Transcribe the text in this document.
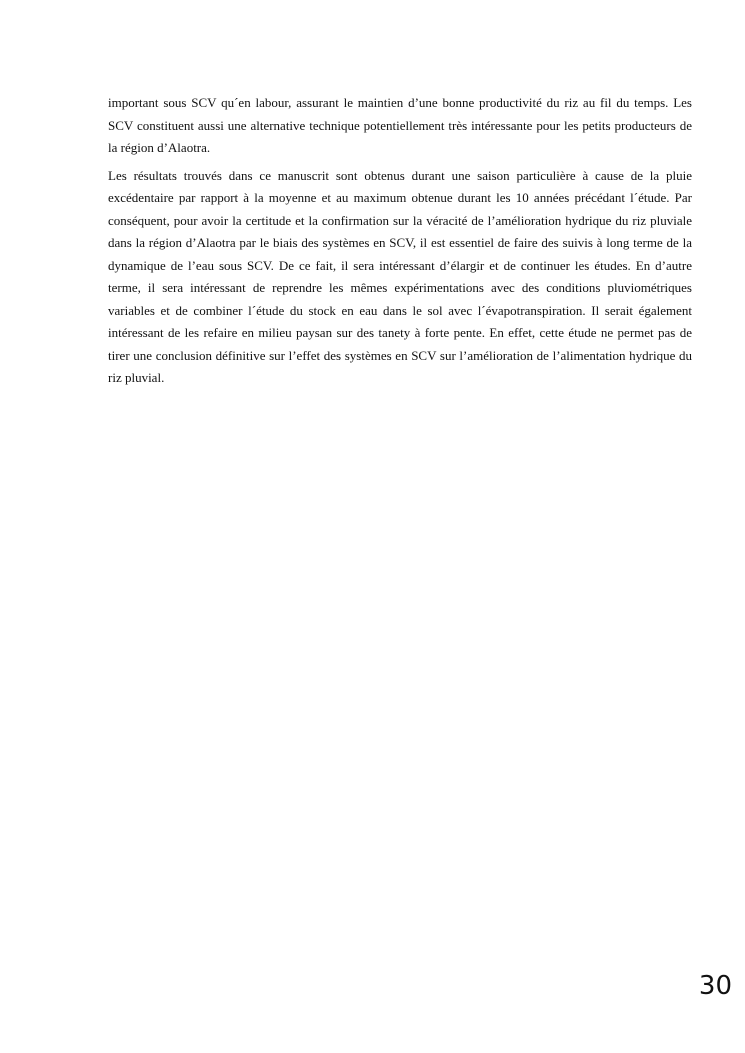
important sous SCV qu´en labour, assurant le maintien d’une bonne productivité du riz au fil du temps. Les SCV constituent aussi une alternative technique potentiellement très intéressante pour les petits producteurs de la région d’Alaotra.

Les résultats trouvés dans ce manuscrit sont obtenus durant une saison particulière à cause de la pluie excédentaire par rapport à la moyenne et au maximum obtenue durant les 10 années précédant l´étude. Par conséquent, pour avoir la certitude et la confirmation sur la véracité de l’amélioration hydrique du riz pluviale dans la région d’Alaotra par le biais des systèmes en SCV, il est essentiel de faire des suivis à long terme de la dynamique de l’eau sous SCV. De ce fait, il sera intéressant d’élargir et de continuer les études. En d’autre terme, il sera intéressant de reprendre les mêmes expérimentations avec des conditions pluviométriques variables et de combiner l´étude du stock en eau dans le sol avec l´évapotranspiration. Il serait également intéressant de les refaire en milieu paysan sur des tanety à forte pente. En effet, cette étude ne permet pas de tirer une conclusion définitive sur l’effet des systèmes en SCV sur l’amélioration de l’alimentation hydrique du riz pluvial.

30
